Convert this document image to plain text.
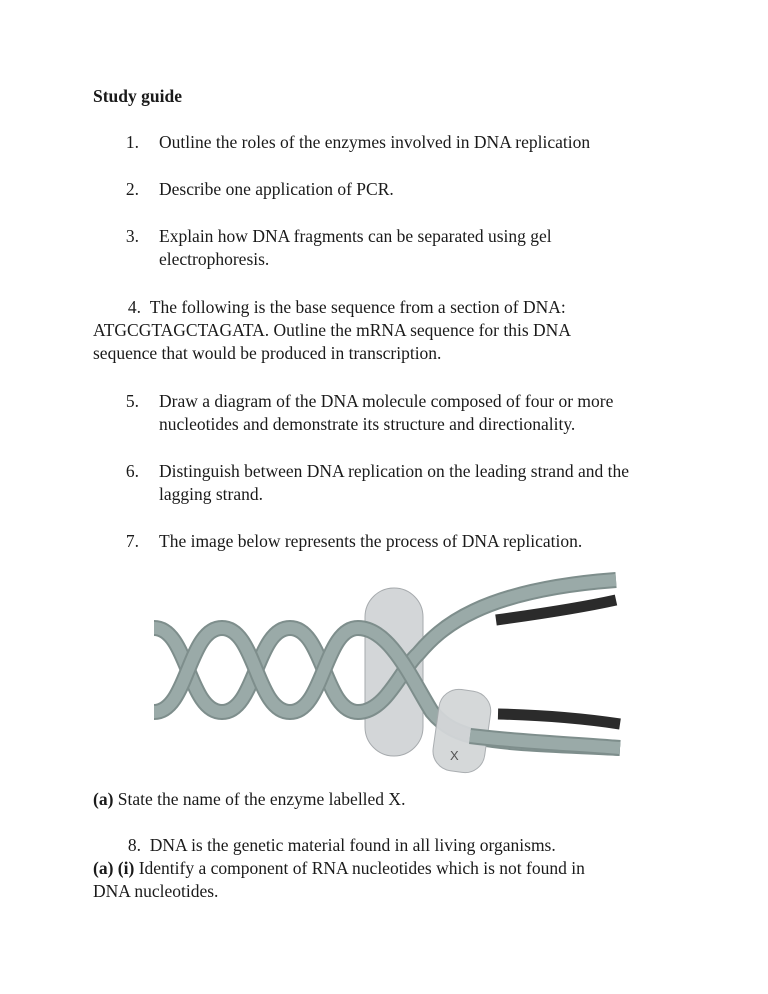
Study guide
1. Outline the roles of the enzymes involved in DNA replication
2. Describe one application of PCR.
3. Explain how DNA fragments can be separated using gel
electrophoresis.
4. The following is the base sequence from a section of DNA:
ATGCGTAGCTAGATA. Outline the mRNA sequence for this DNA
sequence that would be produced in transcription.
5. Draw a diagram of the DNA molecule composed of four or more
nucleotides and demonstrate its structure and directionality.
6. Distinguish between DNA replication on the leading strand and the
lagging strand.
7. The image below represents the process of DNA replication.
X
(a) State the name of the enzyme labelled X.
8. DNA is the genetic material found in all living organisms.
(a) (i) Identify a component of RNA nucleotides which is not found in
DNA nucleotides.
